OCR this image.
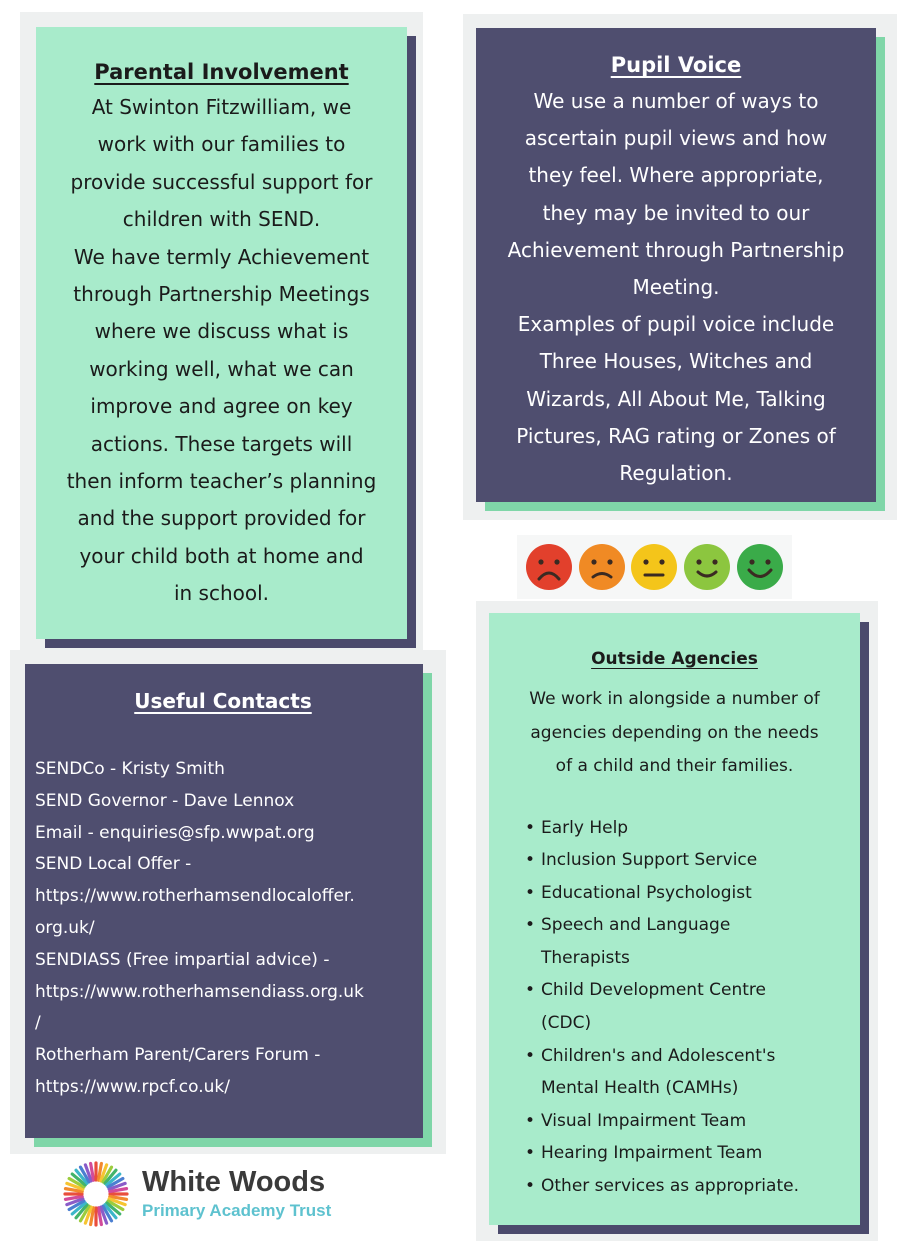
Parental Involvement

At Swinton Fitzwilliam, we

work with our families to

provide successful support for

children with SEND.

We have termly Achievement

through Partnership Meetings

where we discuss what is

working well, what we can

improve and agree on key

actions. These targets will

then inform teacher’s planning

and the support provided for

your child both at home and

in school.

Pupil Voice

We use a number of ways to

ascertain pupil views and how

they feel. Where appropriate,

they may be invited to our

Achievement through Partnership

Meeting.

Examples of pupil voice include

Three Houses, Witches and

Wizards, All About Me, Talking

Pictures, RAG rating or Zones of

Regulation.

Useful Contacts
SENDCo - Kristy Smith
SEND Governor - Dave Lennox
Email - enquiries@sfp.wwpat.org
SEND Local Offer -
https://www.rotherhamsendlocaloffer.
org.uk/
SENDIASS (Free impartial advice) -
https://www.rotherhamsendiass.org.uk
/
Rotherham Parent/Carers Forum -
https://www.rpcf.co.uk/
Outside Agencies
We work in alongside a number of
agencies depending on the needs
of a child and their families.
• Early Help
• Inclusion Support Service
• Educational Psychologist
• Speech and Language
Therapists
• Child Development Centre
(CDC)
• Children's and Adolescent's
Mental Health (CAMHs)
• Visual Impairment Team
• Hearing Impairment Team
• Other services as appropriate.
White Woods
Primary Academy Trust
